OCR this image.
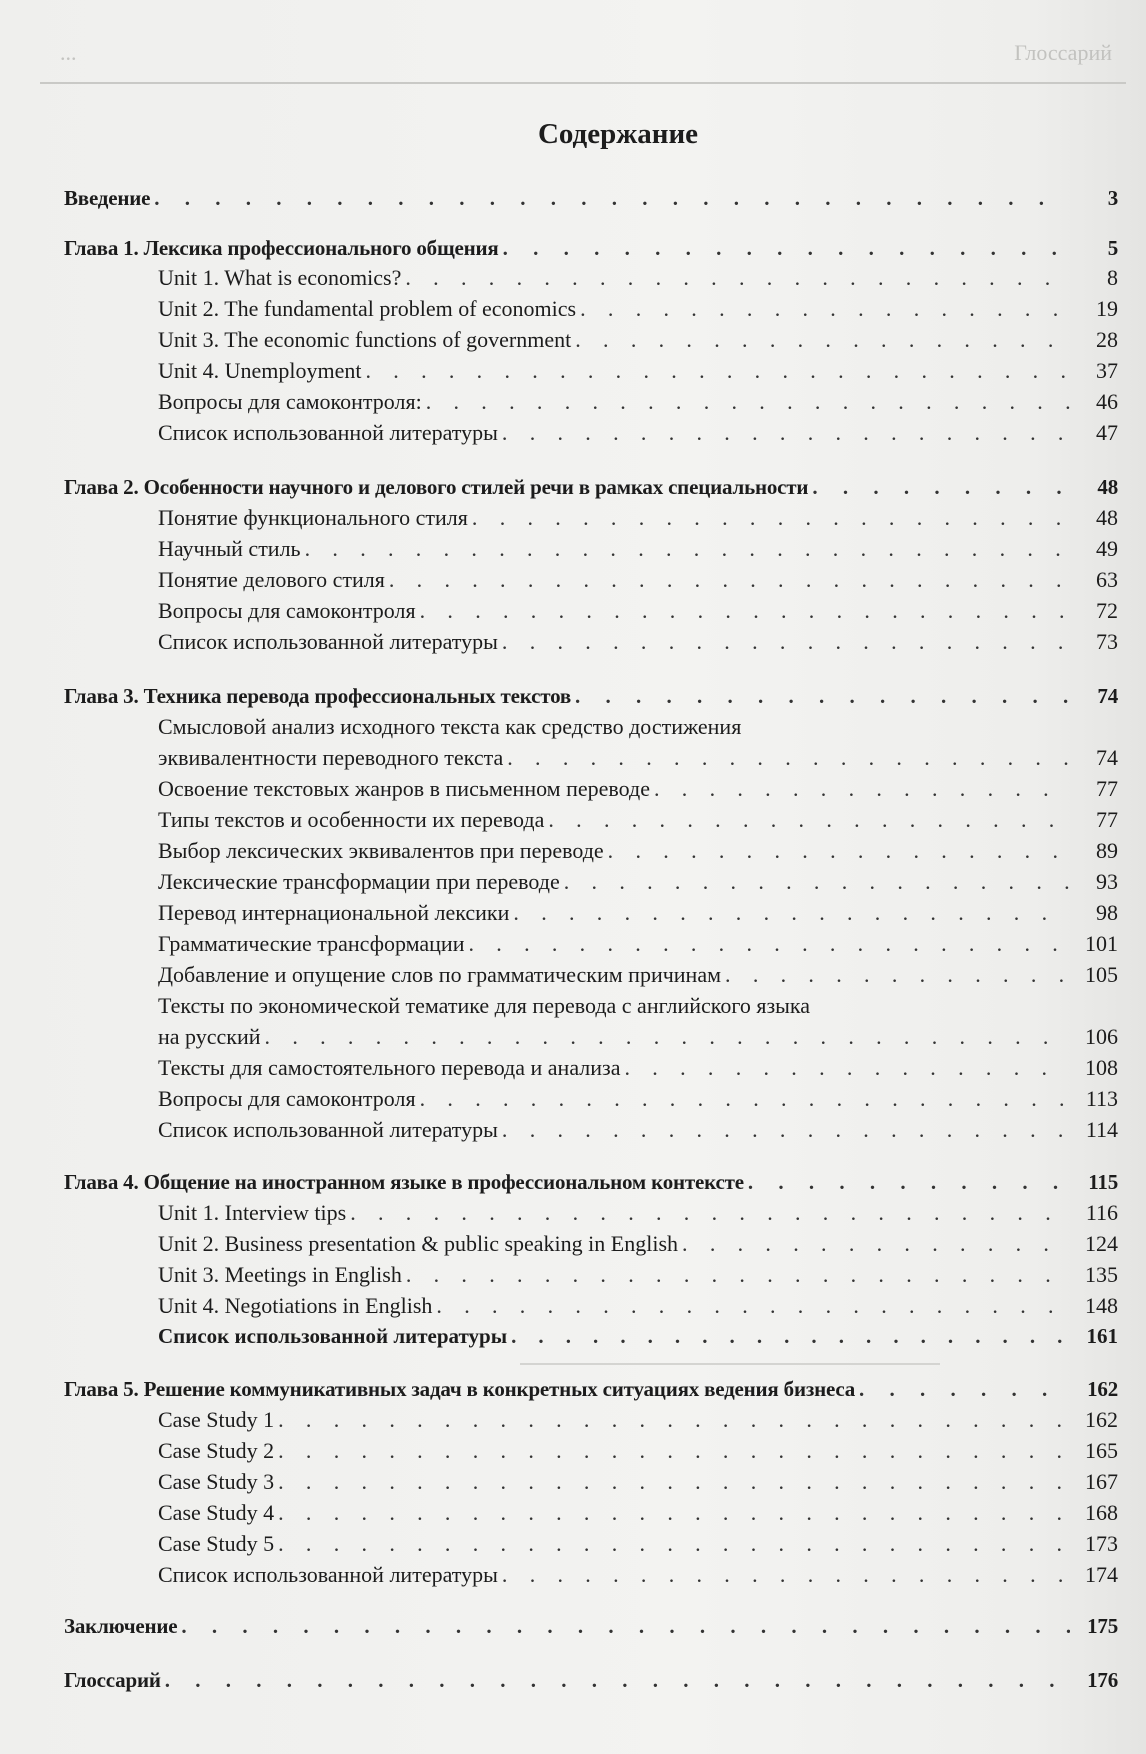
...	Глоссарий
Содержание
Введение . . .	3
Глава 1. Лексика профессионального общения . . .	5
Unit 1. What is economics? . . .	8
Unit 2. The fundamental problem of economics . . .	19
Unit 3. The economic functions of government . . .	28
Unit 4. Unemployment . . .	37
Вопросы для самоконтроля: . . .	46
Список использованной литературы . . .	47
Глава 2. Особенности научного и делового стилей речи в рамках специальности . . .	48
Понятие функционального стиля . . .	48
Научный стиль . . .	49
Понятие делового стиля . . .	63
Вопросы для самоконтроля . . .	72
Список использованной литературы . . .	73
Глава 3. Техника перевода профессиональных текстов . . .	74
Смысловой анализ исходного текста как средство достижения
эквивалентности переводного текста . . .	74
Освоение текстовых жанров в письменном переводе . . .	77
Типы текстов и особенности их перевода . . .	77
Выбор лексических эквивалентов при переводе . . .	89
Лексические трансформации при переводе . . .	93
Перевод интернациональной лексики . . .	98
Грамматические трансформации . . .	101
Добавление и опущение слов по грамматическим причинам . . .	105
Тексты по экономической тематике для перевода с английского языка
на русский . . .	106
Тексты для самостоятельного перевода и анализа . . .	108
Вопросы для самоконтроля . . .	113
Список использованной литературы . . .	114
Глава 4. Общение на иностранном языке в профессиональном контексте . . .	115
Unit 1. Interview tips . . .	116
Unit 2. Business presentation & public speaking in English . . .	124
Unit 3. Meetings in English . . .	135
Unit 4. Negotiations in English . . .	148
Список использованной литературы . . .	161
Глава 5. Решение коммуникативных задач в конкретных ситуациях ведения бизнеса . . .	162
Case Study 1 . . .	162
Case Study 2 . . .	165
Case Study 3 . . .	167
Case Study 4 . . .	168
Case Study 5 . . .	173
Список использованной литературы . . .	174
Заключение . . .	175
Глоссарий . . .	176
